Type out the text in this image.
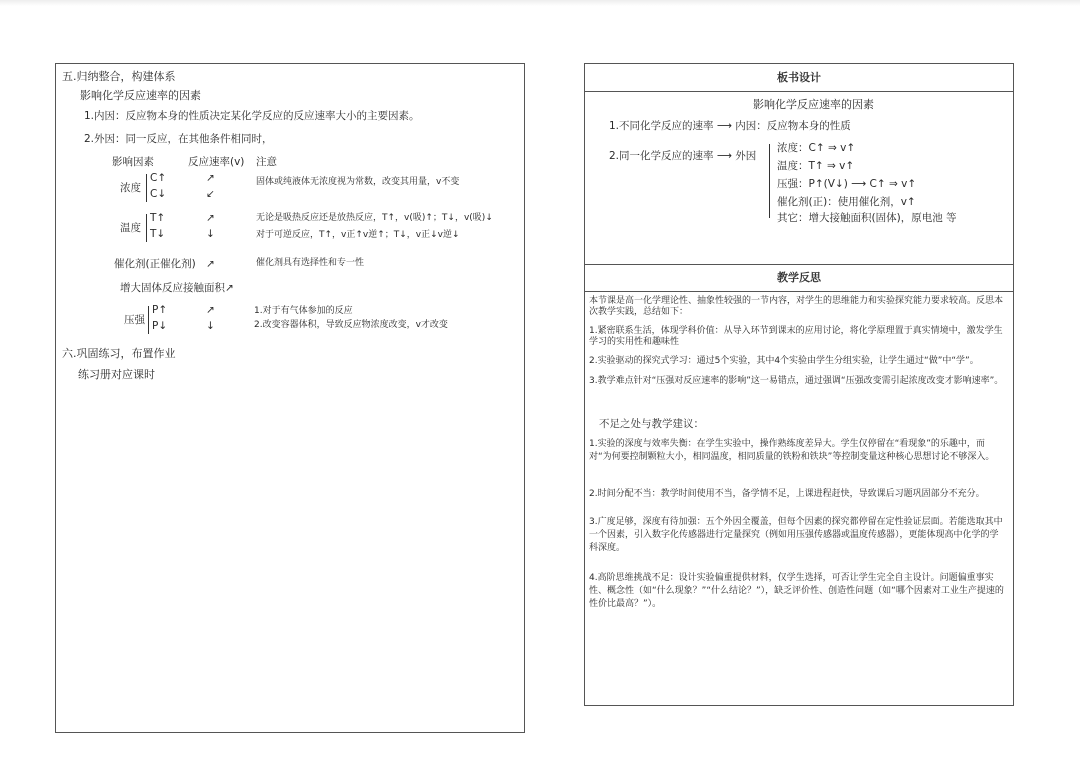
五.归纳整合，构建体系
影响化学反应速率的因素
1.内因：反应物本身的性质决定某化学反应的反应速率大小的主要因素。
2.外因：同一反应，在其他条件相同时，
影响因素	反应速率(v) 注意
浓度
C↑
C↓
↗
↙
固体或纯液体无浓度视为常数，改变其用量，v不变
温度
T↑
T↓
↗
↓
无论是吸热反应还是放热反应，T↑，v(吸)↑；T↓，v(吸)↓
对于可逆反应，T↑，v正↑v逆↑；T↓，v正↓v逆↓
催化剂(正催化剂) ↗	催化剂具有选择性和专一性
增大固体反应接触面积↗
压强
P↑
P↓
↗
↓
1.对于有气体参加的反应
2.改变容器体积，导致反应物浓度改变，v才改变
六.巩固练习，布置作业
练习册对应课时
板书设计
影响化学反应速率的因素
1.不同化学反应的速率 ⟶ 内因：反应物本身的性质
2.同一化学反应的速率 ⟶ 外因
浓度：C↑ ⇒ v↑
温度：T↑ ⇒ v↑
压强：P↑(V↓) ⟶ C↑ ⇒ v↑
催化剂(正)：使用催化剂，v↑
其它：增大接触面积(固体)，原电池 等
教学反思
本节课是高一化学理论性、抽象性较强的一节内容，对学生的思维能力和实验探究能力要求较高。反思本次教学实践，总结如下：
1.紧密联系生活，体现学科价值：从导入环节到课末的应用讨论，将化学原理置于真实情境中，激发学生学习的实用性和趣味性
2.实验驱动的探究式学习：通过5个实验，其中4个实验由学生分组实验，让学生通过“做”中“学”。
3.教学难点针对“压强对反应速率的影响”这一易错点，通过强调“压强改变需引起浓度改变才影响速率”。
不足之处与教学建议：
1.实验的深度与效率失衡：在学生实验中，操作熟练度差异大。学生仅停留在“看现象”的乐趣中，而对“为何要控制颗粒大小，相同温度，相同质量的铁粉和铁块”等控制变量这种核心思想讨论不够深入。
2.时间分配不当：教学时间使用不当，备学情不足，上课进程赶快，导致课后习题巩固部分不充分。
3.广度足够，深度有待加强：五个外因全覆盖，但每个因素的探究都停留在定性验证层面。若能选取其中一个因素，引入数字化传感器进行定量探究（例如用压强传感器或温度传感器），更能体现高中化学的学科深度。
4.高阶思维挑战不足：设计实验偏重提供材料，仅学生选择，可否让学生完全自主设计。问题偏重事实性、概念性（如“什么现象？”“什么结论？”），缺乏评价性、创造性问题（如“哪个因素对工业生产提速的性价比最高？”）。
